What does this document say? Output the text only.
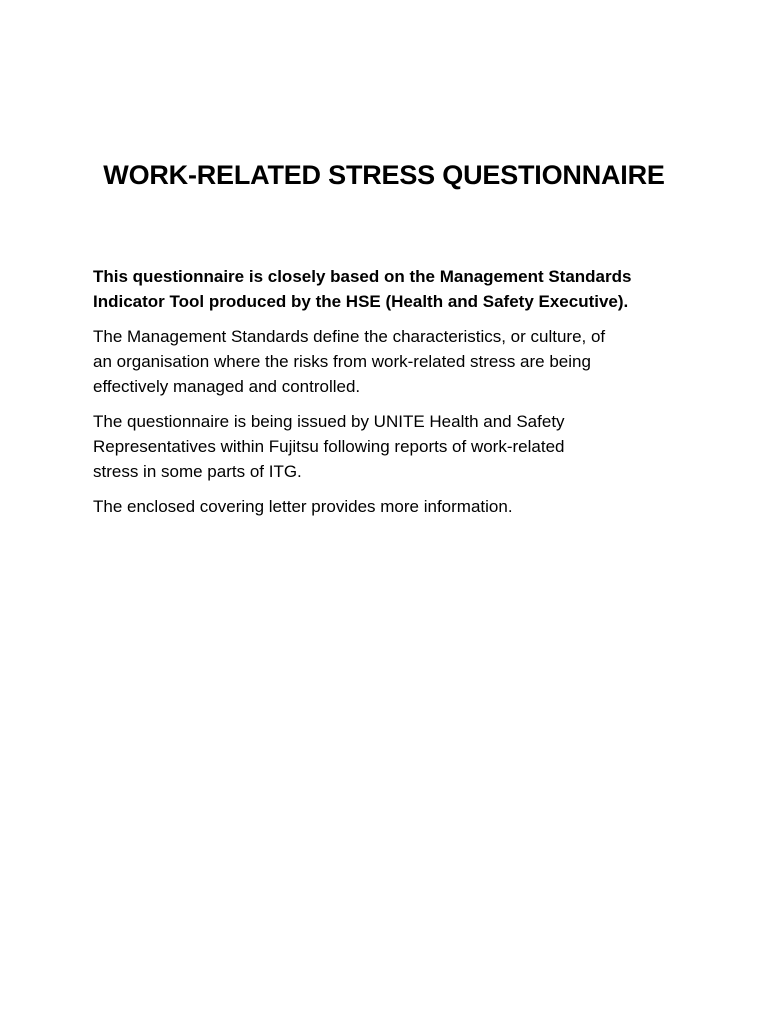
WORK-RELATED STRESS QUESTIONNAIRE

This questionnaire is closely based on the Management Standards
Indicator Tool produced by the HSE (Health and Safety Executive).

The Management Standards define the characteristics, or culture, of
an organisation where the risks from work-related stress are being
effectively managed and controlled.

The questionnaire is being issued by UNITE Health and Safety
Representatives within Fujitsu following reports of work-related
stress in some parts of ITG.

The enclosed covering letter provides more information.
